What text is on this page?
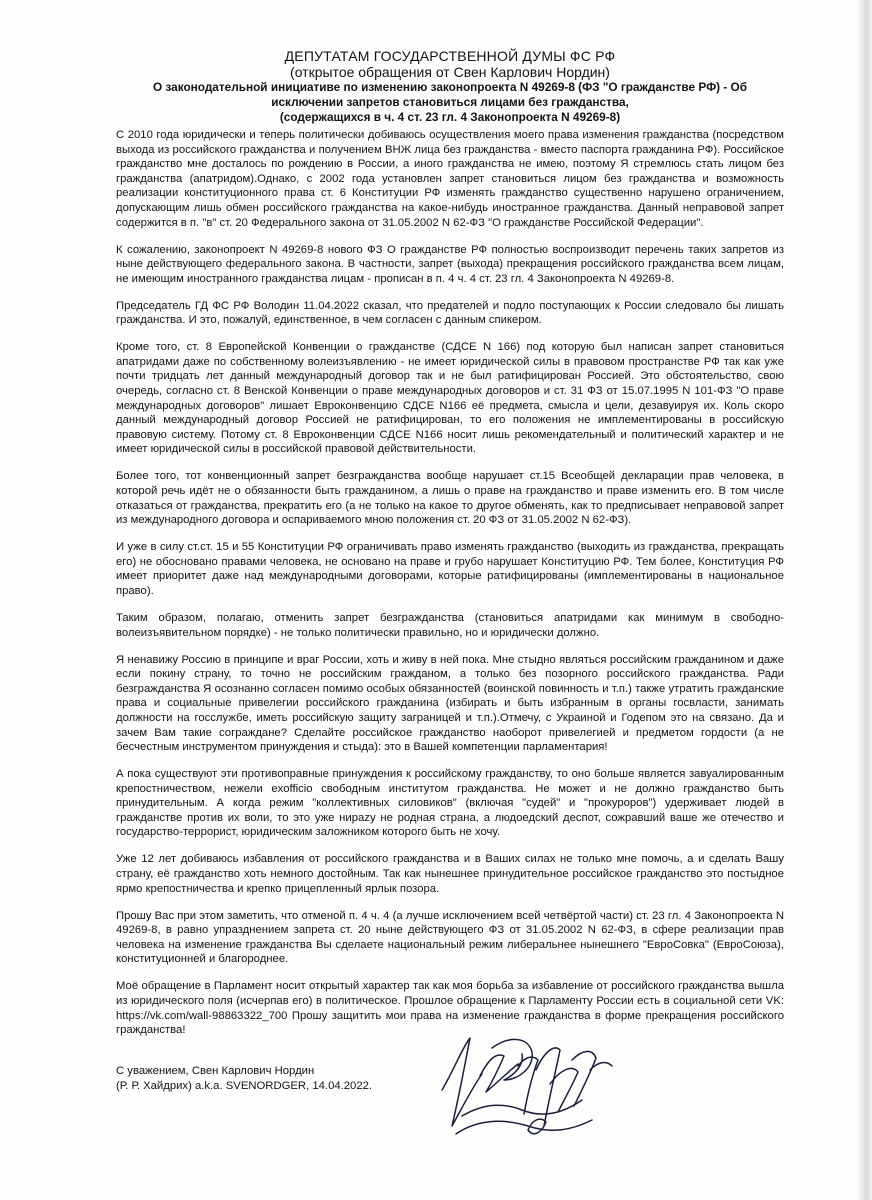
ДЕПУТАТАМ ГОСУДАРСТВЕННОЙ ДУМЫ ФС РФ
(открытое обращения от Свен Карлович Нордин)
О законодательной инициативе по изменению законопроекта N 49269-8 (ФЗ "О гражданстве РФ) - Об
исключении запретов становиться лицами без гражданства,
(содержащихся в ч. 4 ст. 23 гл. 4 Законопроекта N 49269-8)

С 2010 года юридически и теперь политически добиваюсь осуществления моего права изменения гражданства (посредством выхода из российского гражданства и получением ВНЖ лица без гражданства - вместо паспорта гражданина РФ). Российское гражданство мне досталось по рождению в России, а иного гражданства не имею, поэтому Я стремлюсь стать лицом без гражданства (апатридом).Однако, с 2002 года установлен запрет становиться лицом без гражданства и возможность реализации конституционного права ст. 6 Конституции РФ изменять гражданство существенно нарушено ограничением, допускающим лишь обмен российского гражданства на какое-нибудь иностранное гражданства. Данный неправовой запрет содержится в п. "в" ст. 20 Федерального закона от 31.05.2002 N 62-ФЗ "О гражданстве Российской Федерации".

К сожалению, законопроект N 49269-8 нового ФЗ О гражданстве РФ полностью воспроизводит перечень таких запретов из ныне действующего федерального закона. В частности, запрет (выхода) прекращения российского гражданства всем лицам, не имеющим иностранного гражданства лицам - прописан в п. 4 ч. 4 ст. 23 гл. 4 Законопроекта N 49269-8.

Председатель ГД ФС РФ Володин 11.04.2022 сказал, что предателей и подло поступающих к России следовало бы лишать гражданства. И это, пожалуй, единственное, в чем согласен с данным спикером.

Кроме того, ст. 8 Европейской Конвенции о гражданстве (СДСЕ N 166) под которую был написан запрет становиться апатридами даже по собственному волеизъявлению - не имеет юридической силы в правовом пространстве РФ так как уже почти тридцать лет данный международный договор так и не был ратифицирован Россией. Это обстоятельство, свою очередь, согласно ст. 8 Венской Конвенции о праве международных договоров и ст. 31 ФЗ от 15.07.1995 N 101-ФЗ "О праве международных договоров" лишает Евроконвенцию СДСЕ N166 её предмета, смысла и цели, дезавуируя их. Коль скоро данный международный договор Россией не ратифицирован, то его положения не имплементированы в российскую правовую систему. Потому ст. 8 Евроконвенции СДСЕ N166 носит лишь рекомендательный и политический характер и не имеет юридической силы в российской правовой действительности.

Более того, тот конвенционный запрет безгражданства вообще нарушает ст.15 Всеобщей декларации прав человека, в которой речь идёт не о обязанности быть гражданином, а лишь о праве на гражданство и праве изменить его. В том числе отказаться от гражданства, прекратить его (а не только на какое то другое обменять, как то предписывает неправовой запрет из международного договора и оспариваемого мною положения ст. 20 ФЗ от 31.05.2002 N 62-ФЗ).

И уже в силу ст.ст. 15 и 55 Конституции РФ ограничивать право изменять гражданство (выходить из гражданства, прекращать его) не обосновано правами человека, не основано на праве и грубо нарушает Конституцию РФ. Тем более, Конституция РФ имеет приоритет даже над международными договорами, которые ратифицированы (имплементированы в национальное право).

Таким образом, полагаю, отменить запрет безгражданства (становиться апатридами как минимум в свободно-волеизъявительном порядке) - не только политически правильно, но и юридически должно.

Я ненавижу Россию в принципе и враг России, хоть и живу в ней пока. Мне стыдно являться российским гражданином и даже если покину страну, то точно не российским гражданом, а только без позорного российского гражданства. Ради безгражданства Я осознанно согласен помимо особых обязанностей (воинской повинность и т.п.) также утратить гражданские права и социальные привелегии российского гражданина (избирать и быть избранным в органы госвласти, занимать должности на госслужбе, иметь российскую защиту заграницей и т.п.).Отмечу, с Украиной и Годепом это на связано. Да и зачем Вам такие сограждане? Сделайте российское гражданство наоборот привелегией и предметом гордости (а не бесчестным инструментом принуждения и стыда): это в Вашей компетенции парламентария!

А пока существуют эти противоправные принуждения к российскому гражданству, то оно больше является завуалированным крепостничеством, нежели exofficio свободным институтом гражданства. Не может и не должно гражданство быть принудительным. А когда режим "коллективных силовиков" (включая "судей" и "прокуроров") удерживает людей в гражданстве против их воли, то это уже нирazу не родная страна, а людоедский деспот, сожравший ваше же отечество и государство-террорист, юридическим заложником которого быть не хочу.

Уже 12 лет добиваюсь избавления от российского гражданства и в Ваших силах не только мне помочь, а и сделать Вашу страну, её гражданство хоть немного достойным. Так как нынешнее принудительное российское гражданство это постыдное ярмо крепостничества и крепко прицепленный ярлык позора.

Прошу Вас при этом заметить, что отменой п. 4 ч. 4 (а лучше исключением всей четвёртой части) ст. 23 гл. 4 Законопроекта N 49269-8, в равно упразднением запрета ст. 20 ныне действующего ФЗ от 31.05.2002 N 62-ФЗ, в сфере реализации прав человека на изменение гражданства Вы сделаете национальный режим либеральнее нынешнего "ЕвроСовка" (ЕвроСоюза), конституционней и благороднее.

Моё обращение в Парламент носит открытый характер так как моя борьба за избавление от российского гражданства вышла из юридического поля (исчерпав его) в политическое. Прошлое обращение к Парламенту России есть в социальной сети VK: https://vk.com/wall-98863322_700 Прошу защитить мои права на изменение гражданства в форме прекращения российского гражданства!

С уважением, Свен Карлович Нордин
(Р. Р. Хайдрих) a.k.a. SVENORDGER, 14.04.2022.
